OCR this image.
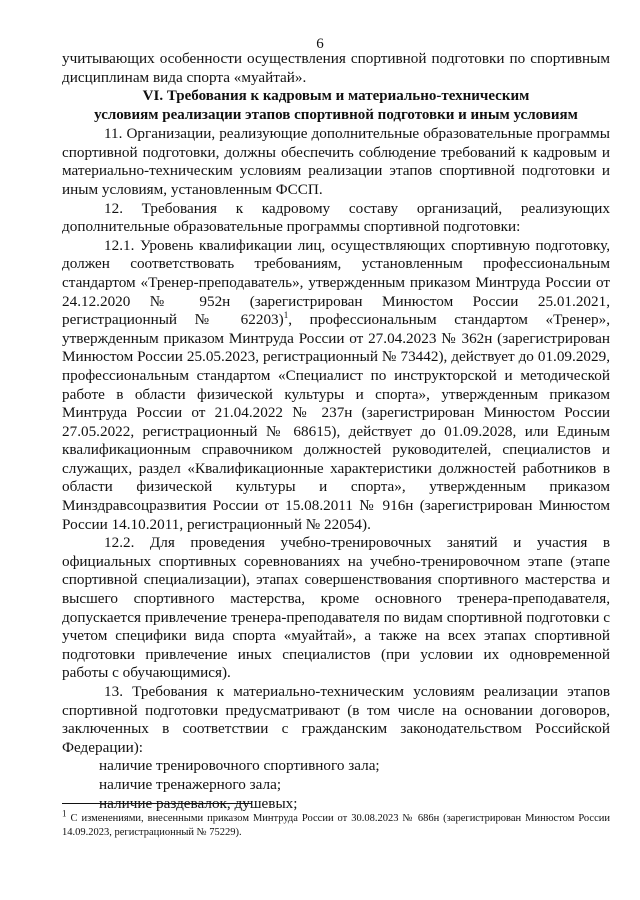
6

учитывающих особенности осуществления спортивной подготовки по спортивным дисциплинам вида спорта «муайтай».

VI. Требования к кадровым и материально-техническим
условиям реализации этапов спортивной подготовки и иным условиям

11. Организации, реализующие дополнительные образовательные программы спортивной подготовки, должны обеспечить соблюдение требований к кадровым и материально-техническим условиям реализации этапов спортивной подготовки и иным условиям, установленным ФССП.

12. Требования к кадровому составу организаций, реализующих дополнительные образовательные программы спортивной подготовки:

12.1. Уровень квалификации лиц, осуществляющих спортивную подготовку, должен соответствовать требованиям, установленным профессиональным стандартом «Тренер-преподаватель», утвержденным приказом Минтруда России от 24.12.2020 № 952н (зарегистрирован Минюстом России 25.01.2021, регистрационный № 62203)$^1$, профессиональным стандартом «Тренер», утвержденным приказом Минтруда России от 27.04.2023 № 362н (зарегистрирован Минюстом России 25.05.2023, регистрационный № 73442), действует до 01.09.2029, профессиональным стандартом «Специалист по инструкторской и методической работе в области физической культуры и спорта», утвержденным приказом Минтруда России от 21.04.2022 № 237н (зарегистрирован Минюстом России 27.05.2022, регистрационный № 68615), действует до 01.09.2028, или Единым квалификационным справочником должностей руководителей, специалистов и служащих, раздел «Квалификационные характеристики должностей работников в области физической культуры и спорта», утвержденным приказом Минздравсоцразвития России от 15.08.2011 № 916н (зарегистрирован Минюстом России 14.10.2011, регистрационный № 22054).

12.2. Для проведения учебно-тренировочных занятий и участия в официальных спортивных соревнованиях на учебно-тренировочном этапе (этапе спортивной специализации), этапах совершенствования спортивного мастерства и высшего спортивного мастерства, кроме основного тренера-преподавателя, допускается привлечение тренера-преподавателя по видам спортивной подготовки с учетом специфики вида спорта «муайтай», а также на всех этапах спортивной подготовки привлечение иных специалистов (при условии их одновременной работы с обучающимися).

13. Требования к материально-техническим условиям реализации этапов спортивной подготовки предусматривают (в том числе на основании договоров, заключенных в соответствии с гражданским законодательством Российской Федерации):

наличие тренировочного спортивного зала;

наличие тренажерного зала;

наличие раздевалок, душевых;

$^1$ С изменениями, внесенными приказом Минтруда России от 30.08.2023 № 686н (зарегистрирован Минюстом России 14.09.2023, регистрационный № 75229).
